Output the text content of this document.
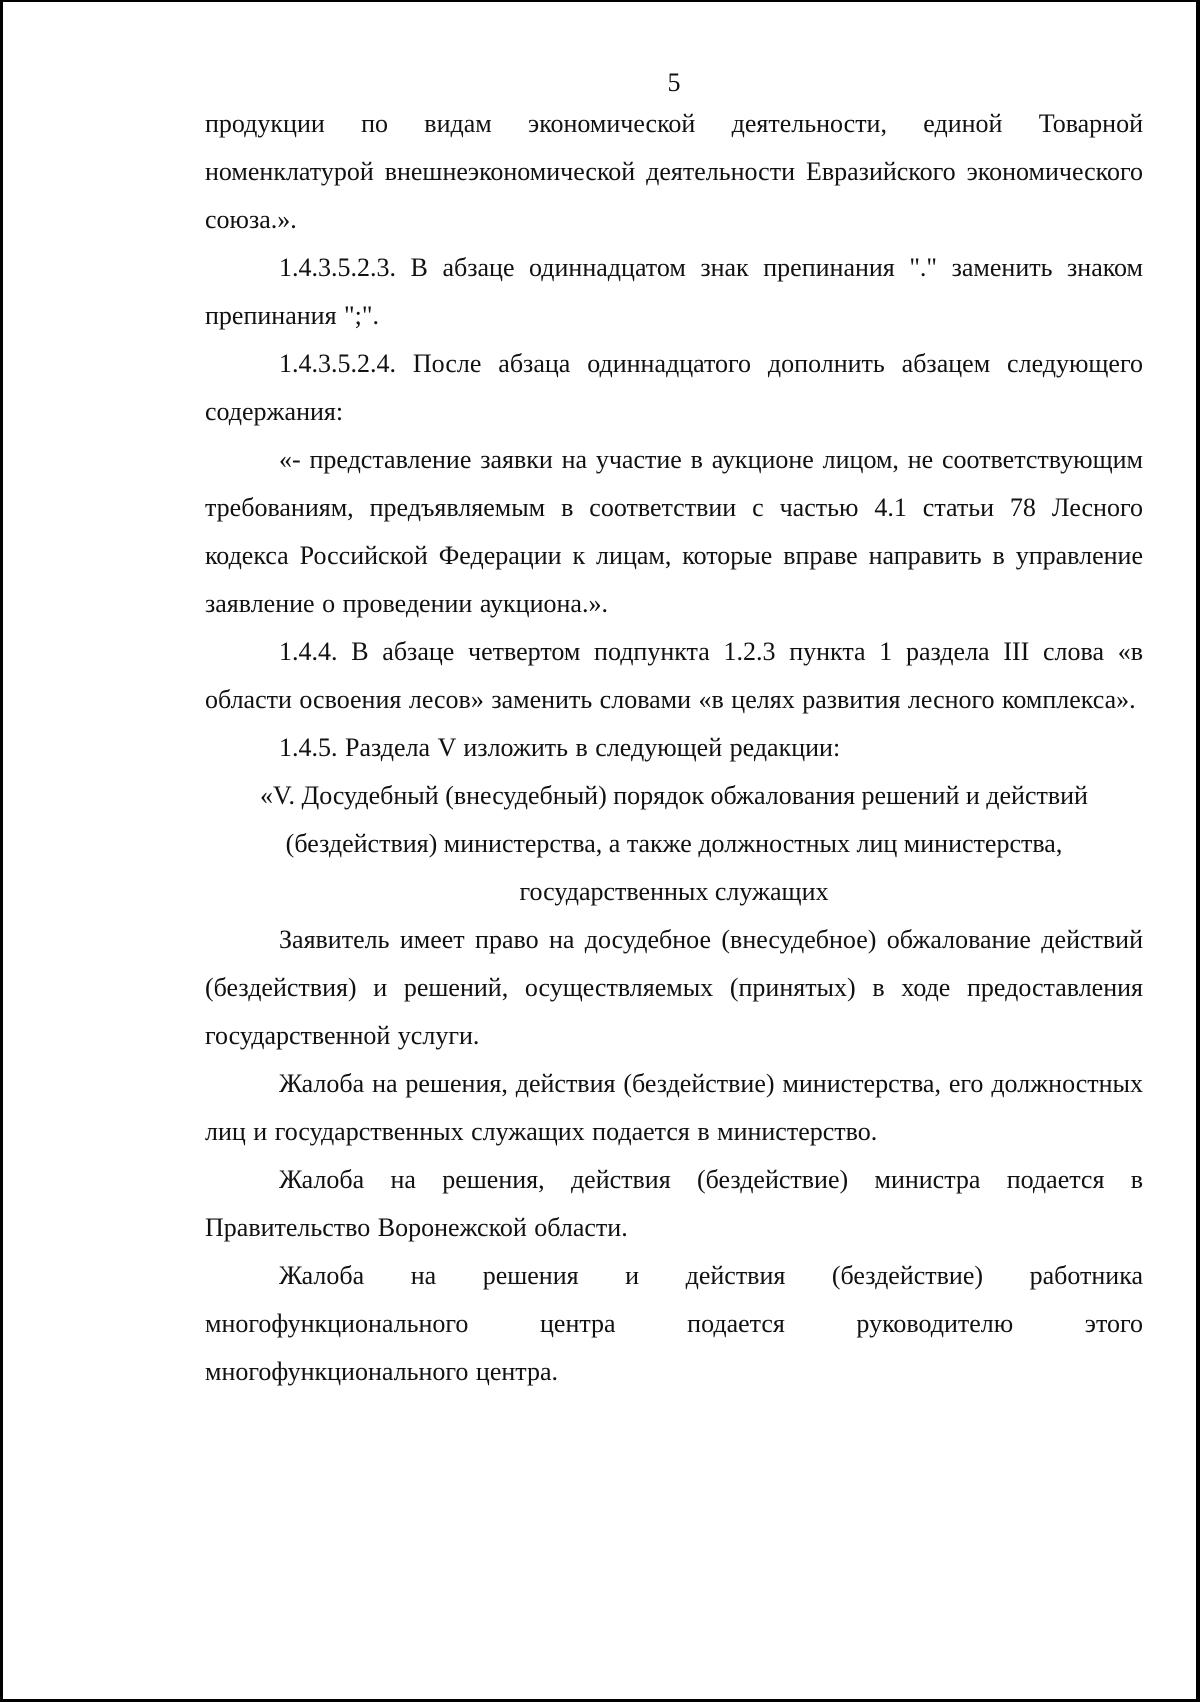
5

продукции по видам экономической деятельности, единой Товарной номенклатурой внешнеэкономической деятельности Евразийского экономического союза.».

1.4.3.5.2.3. В абзаце одиннадцатом знак препинания "." заменить знаком препинания ";".

1.4.3.5.2.4. После абзаца одиннадцатого дополнить абзацем следующего содержания:

«- представление заявки на участие в аукционе лицом, не соответствующим требованиям, предъявляемым в соответствии с частью 4.1 статьи 78 Лесного кодекса Российской Федерации к лицам, которые вправе направить в управление заявление о проведении аукциона.».

1.4.4. В абзаце четвертом подпункта 1.2.3 пункта 1 раздела III слова «в области освоения лесов» заменить словами «в целях развития лесного комплекса».

1.4.5. Раздела V изложить в следующей редакции:

«V. Досудебный (внесудебный) порядок обжалования решений и действий

(бездействия) министерства, а также должностных лиц министерства,

государственных служащих

Заявитель имеет право на досудебное (внесудебное) обжалование действий (бездействия) и решений, осуществляемых (принятых) в ходе предоставления государственной услуги.

Жалоба на решения, действия (бездействие) министерства, его должностных лиц и государственных служащих подается в министерство.

Жалоба на решения, действия (бездействие) министра подается в Правительство Воронежской области.

Жалоба на решения и действия (бездействие) работника многофункционального центра подается руководителю этого многофункционального центра.
